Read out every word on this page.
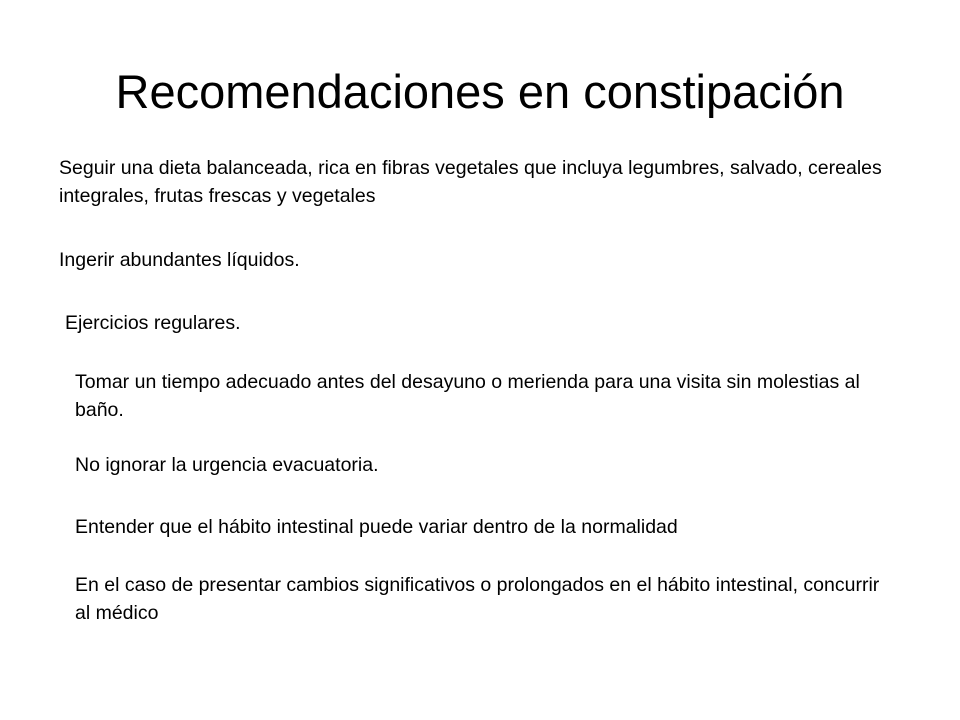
Recomendaciones en constipación

Seguir una dieta balanceada, rica en fibras vegetales que incluya legumbres, salvado, cereales integrales, frutas frescas y vegetales

Ingerir abundantes líquidos.

Ejercicios regulares.

Tomar un tiempo adecuado antes del desayuno o merienda para una visita sin molestias al baño.

No ignorar la urgencia evacuatoria.

Entender que el hábito intestinal puede variar dentro de la normalidad

En el caso de presentar cambios significativos o prolongados en el hábito intestinal, concurrir al médico
